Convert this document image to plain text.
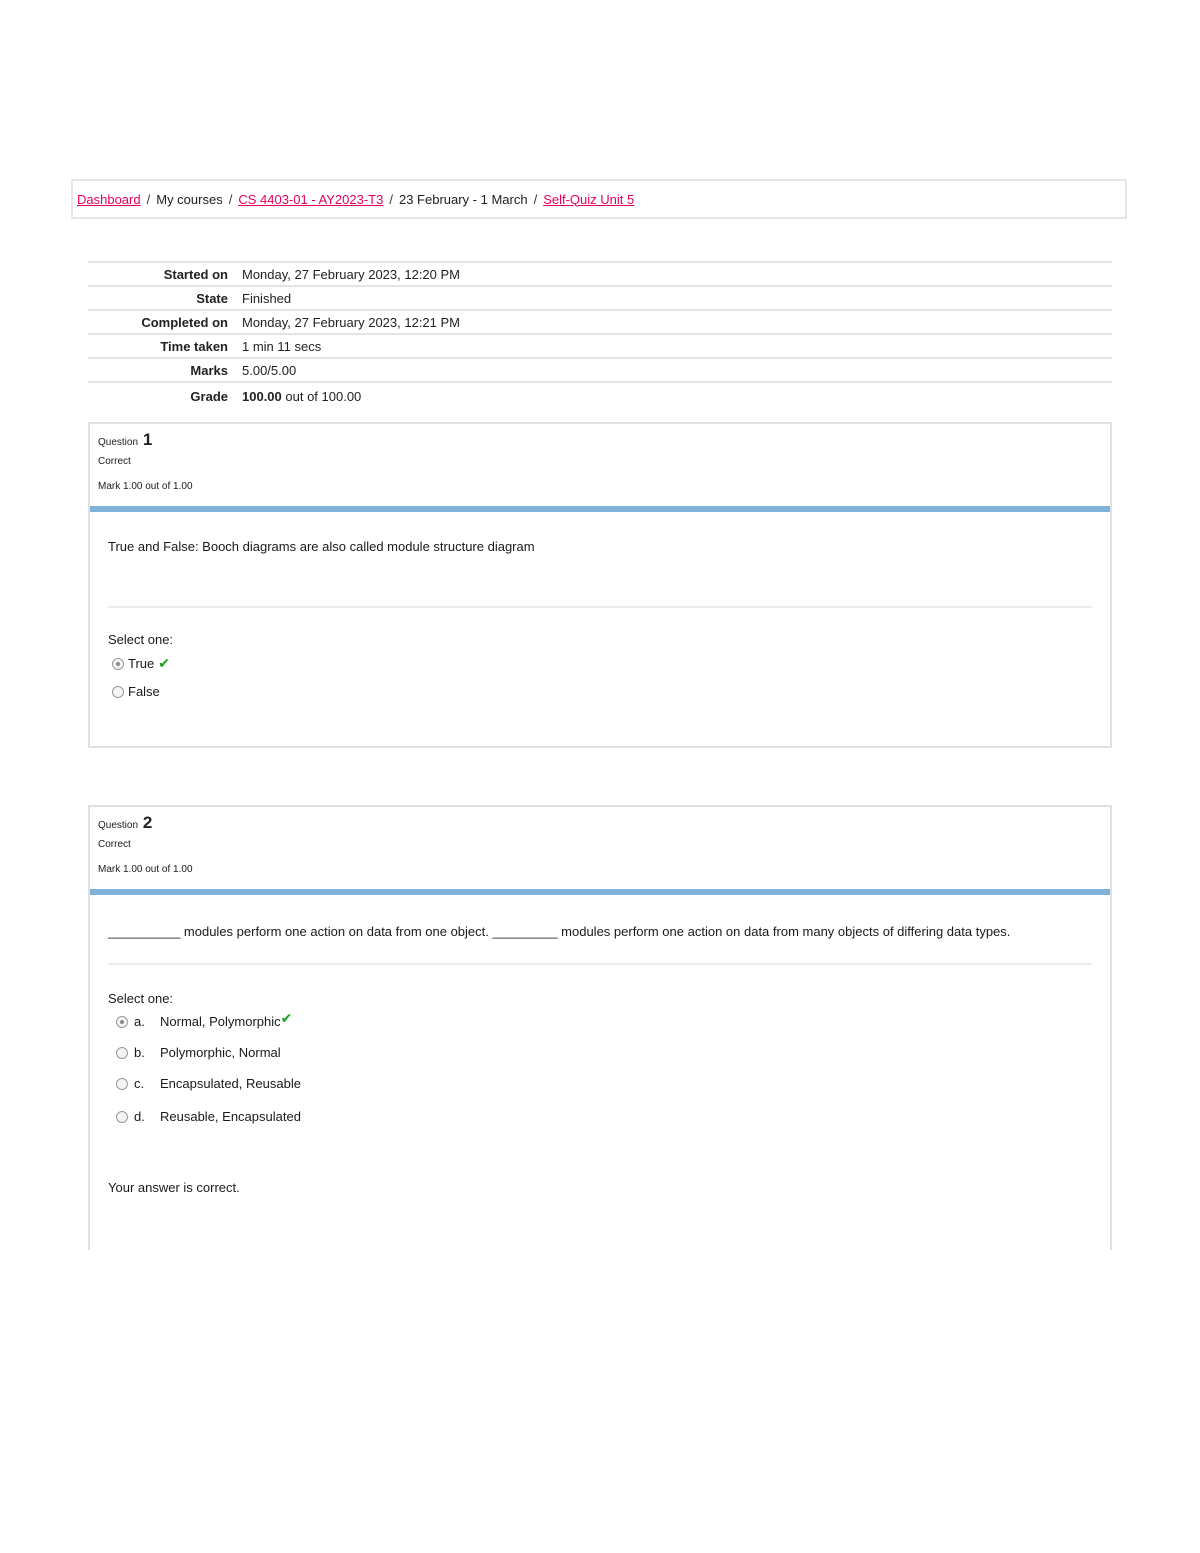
Dashboard / My courses / CS 4403-01 - AY2023-T3 / 23 February - 1 March / Self-Quiz Unit 5
Started on	Monday, 27 February 2023, 12:20 PM
State	Finished
Completed on	Monday, 27 February 2023, 12:21 PM
Time taken	1 min 11 secs
Marks	5.00/5.00
Grade	100.00 out of 100.00
Question 1
Correct
Mark 1.00 out of 1.00
True and False: Booch diagrams are also called module structure diagram
Select one:
True ✔
False
Question 2
Correct
Mark 1.00 out of 1.00
__________ modules perform one action on data from one object. _________ modules perform one action on data from many objects of differing data types.
Select one:
a.	Normal, Polymorphic ✔
b.	Polymorphic, Normal
c.	Encapsulated, Reusable
d.	Reusable, Encapsulated
Your answer is correct.
